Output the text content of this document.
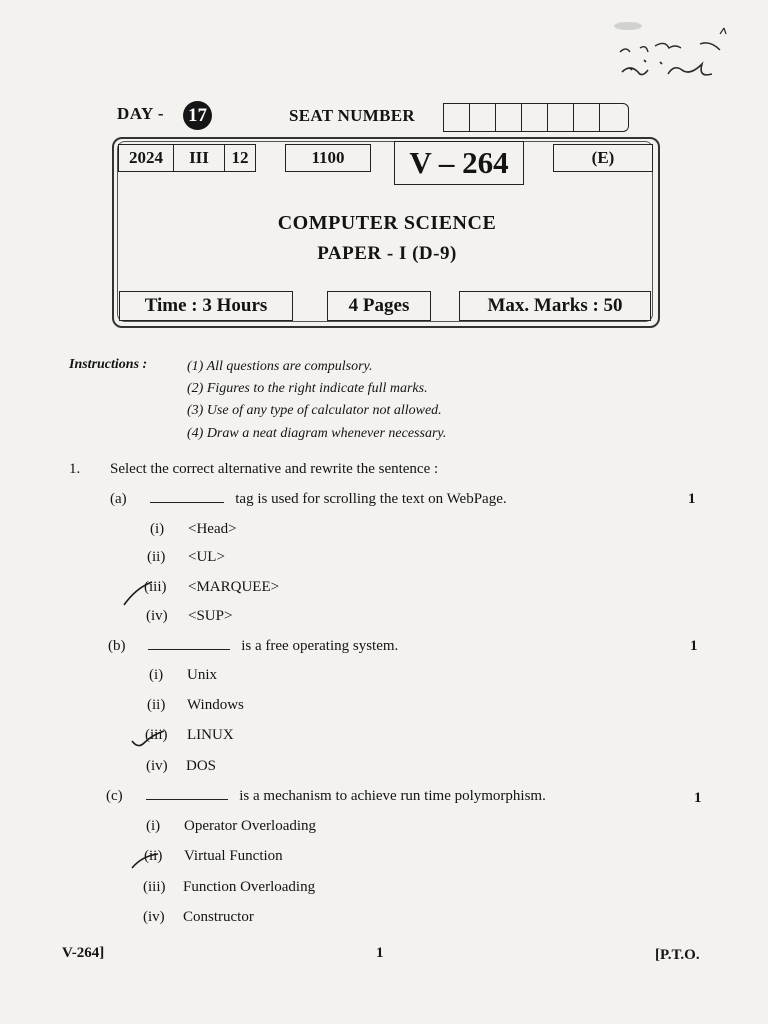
DAY - 17	SEAT NUMBER
2024	III	12	1100	V – 264	(E)
COMPUTER SCIENCE
PAPER - I (D-9)
Time : 3 Hours	4 Pages	Max. Marks : 50
Instructions :	(1) All questions are compulsory.
(2) Figures to the right indicate full marks.
(3) Use of any type of calculator not allowed.
(4) Draw a neat diagram whenever necessary.
1. Select the correct alternative and rewrite the sentence :
(a)	tag is used for scrolling the text on WebPage.	1
(i) <Head>
(ii) <UL>
(iii) <MARQUEE>
(iv) <SUP>
(b)	is a free operating system.	1
(i) Unix
(ii) Windows
(iii) LINUX
(iv) DOS
(c)	is a mechanism to achieve run time polymorphism.	1
(i) Operator Overloading
(ii) Virtual Function
(iii) Function Overloading
(iv) Constructor
V-264]	1	[P.T.O.
